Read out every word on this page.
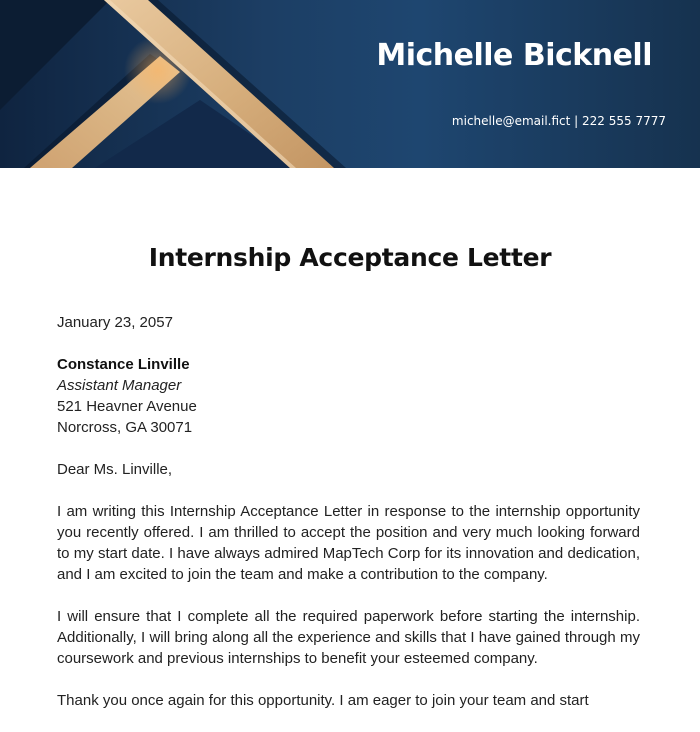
Michelle Bicknell
michelle@email.fict | 222 555 7777
Internship Acceptance Letter
January 23, 2057
Constance Linville
Assistant Manager
521 Heavner Avenue
Norcross, GA 30071
Dear Ms. Linville,

I am writing this Internship Acceptance Letter in response to the internship opportunity you recently offered. I am thrilled to accept the position and very much looking forward to my start date. I have always admired MapTech Corp for its innovation and dedication, and I am excited to join the team and make a contribution to the company.

I will ensure that I complete all the required paperwork before starting the internship. Additionally, I will bring along all the experience and skills that I have gained through my coursework and previous internships to benefit your esteemed company.

Thank you once again for this opportunity. I am eager to join your team and start
